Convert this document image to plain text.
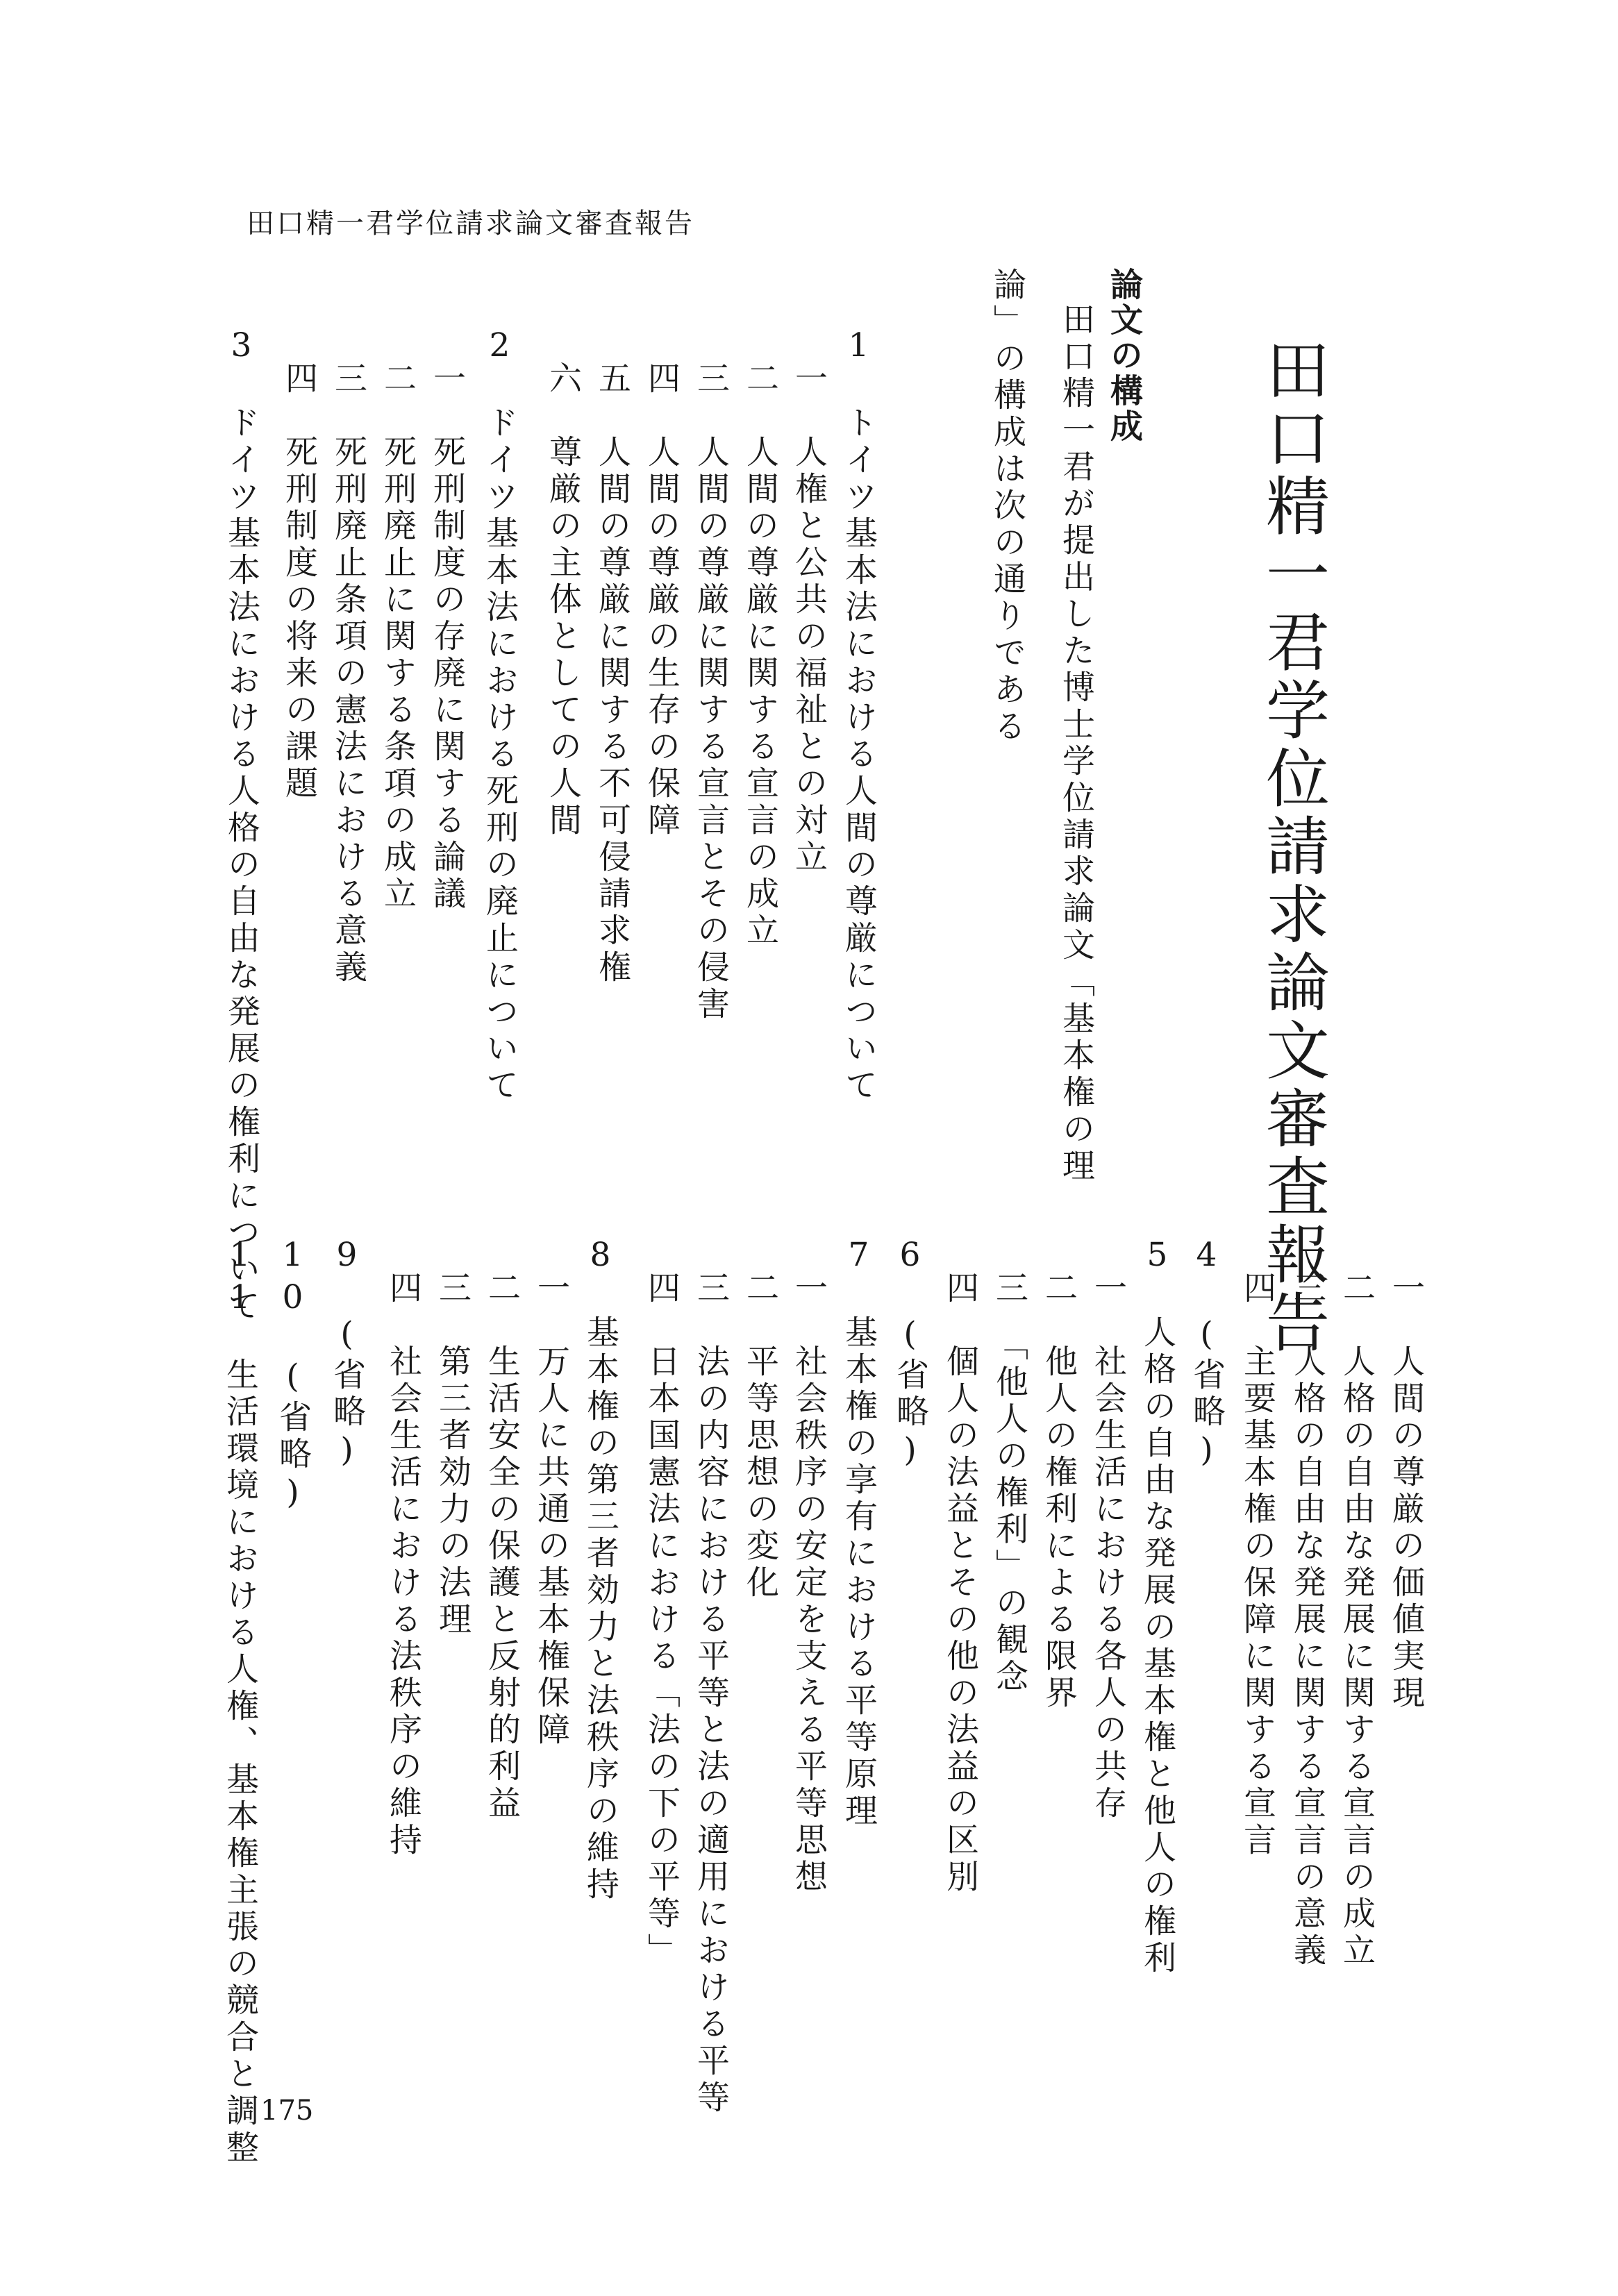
田口精一君学位請求論文審査報告
田口精一君学位請求論文審査報告
論文の構成
田口精一君が提出した博士学位請求論文「基本権の理
論」の構成は次の通りである
1　トイツ基本法における人間の尊厳について
一　人権と公共の福祉との対立
二　人間の尊厳に関する宣言の成立
三　人間の尊厳に関する宣言とその侵害
四　人間の尊厳の生存の保障
五　人間の尊厳に関する不可侵請求権
六　尊厳の主体としての人間
2　ドイツ基本法における死刑の廃止について
一　死刑制度の存廃に関する論議
二　死刑廃止に関する条項の成立
三　死刑廃止条項の憲法における意義
四　死刑制度の将来の課題
3　ドイツ基本法における人格の自由な発展の権利について
一　人間の尊厳の価値実現
二　人格の自由な発展に関する宣言の成立
三　人格の自由な発展に関する宣言の意義
四　主要基本権の保障に関する宣言
4　(省略)
5　人格の自由な発展の基本権と他人の権利
一　社会生活における各人の共存
二　他人の権利による限界
三　「他人の権利」の観念
四　個人の法益とその他の法益の区別
6　(省略)
7　基本権の享有における平等原理
一　社会秩序の安定を支える平等思想
二　平等思想の変化
三　法の内容における平等と法の適用における平等
四　日本国憲法における「法の下の平等」
8　基本権の第三者効力と法秩序の維持
一　万人に共通の基本権保障
二　生活安全の保護と反射的利益
三　第三者効力の法理
四　社会生活における法秩序の維持
9　(省略)
10　(省略)
11　生活環境における人権、基本権主張の競合と調整 175
